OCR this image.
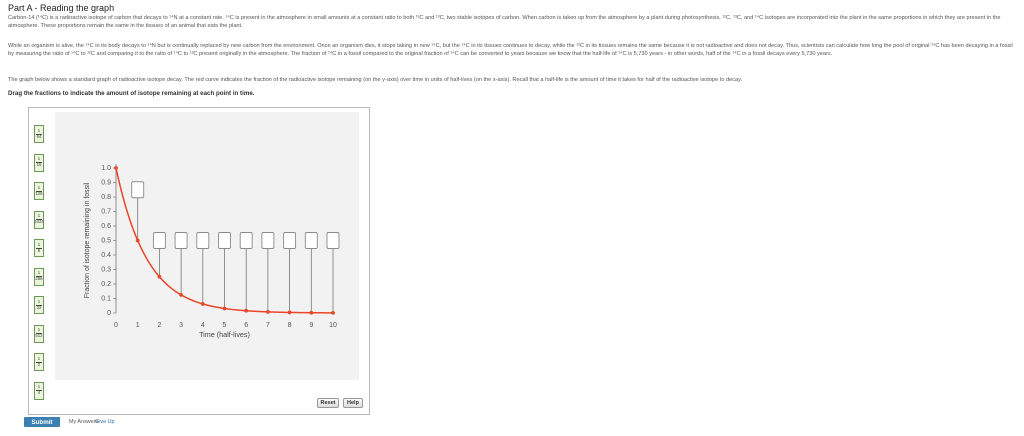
Part A - Reading the graph

Carbon-14 (¹⁴C) is a radioactive isotope of carbon that decays to ¹⁴N at a constant rate. ¹⁴C is present in the atmosphere in small amounts at a constant ratio to both ¹²C and ¹³C, two stable isotopes of carbon. When carbon is taken up from the atmosphere by a plant during photosynthesis, ¹²C, ¹³C, and ¹⁴C isotopes are incorporated into the plant in the same proportions in which they are present in the atmosphere. These proportions remain the same in the tissues of an animal that eats the plant.

While an organism is alive, the ¹⁴C in its body decays to ¹⁴N but is continually replaced by new carbon from the environment. Once an organism dies, it stops taking in new ¹⁴C, but the ¹⁴C in its tissues continues to decay, while the ¹²C in its tissues remains the same because it is not radioactive and does not decay. Thus, scientists can calculate how long the pool of original ¹⁴C has been decaying in a fossil by measuring the ratio of ¹⁴C to ¹²C and comparing it to the ratio of ¹⁴C to ¹²C present originally in the atmosphere. The fraction of ¹⁴C in a fossil compared to the original fraction of ¹⁴C can be converted to years because we know that the half-life of ¹⁴C is 5,730 years - in other words, half of the ¹⁴C in a fossil decays every 5,730 years.

The graph below shows a standard graph of radioactive isotope decay. The red curve indicates the fraction of the radioactive isotope remaining (on the y-axis) over time in units of half-lives (on the x-axis). Recall that a half-life is the amount of time it takes for half of the radioactive isotope to decay.

Drag the fractions to indicate the amount of isotope remaining at each point in time.
1
64
1
16
1
128
1
1024
1
8
1
256
1
32
1
512
1
2
1
4
0
0.1
0.2
0.3
0.4
0.5
0.6
0.7
0.8
0.9
1.0
0	1	2	3	4	5	6	7	8	9 10
Time (half-lives)
Fraction of isotope remaining in fossil
Reset	Help
Submit	My Answers
Give Up
